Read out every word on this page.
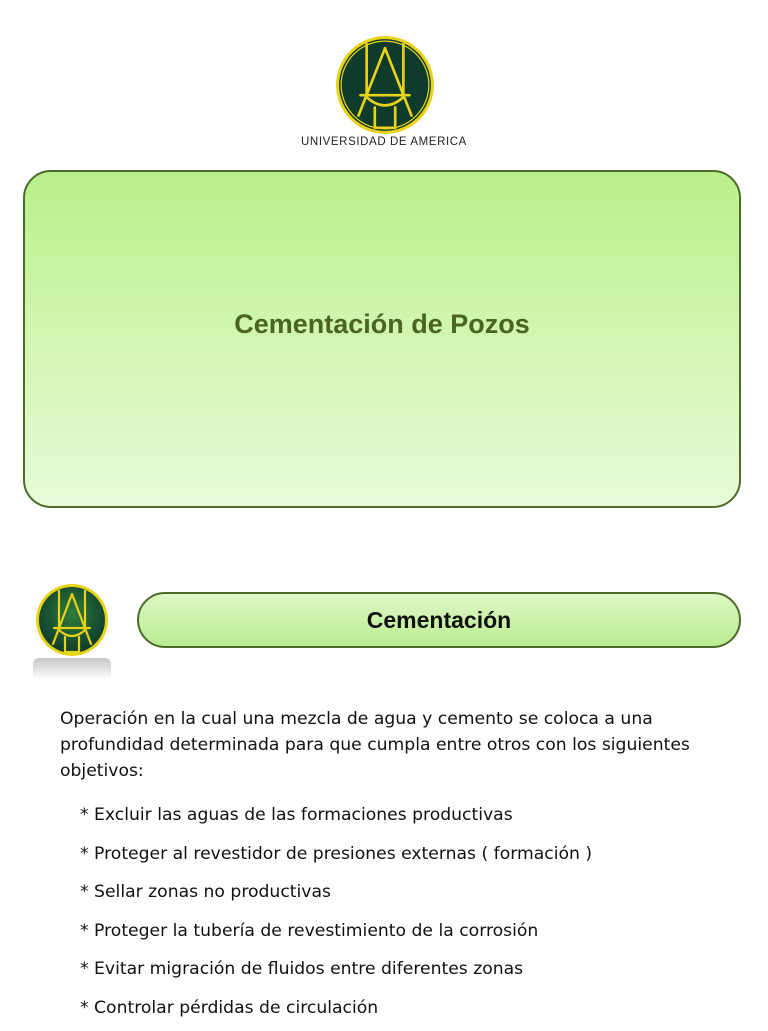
UNIVERSIDAD DE AMERICA
Cementación de Pozos
Cementación
Operación en la cual una mezcla de agua y cemento se coloca a una profundidad determinada para que cumpla entre otros con los siguientes objetivos:
* Excluir las aguas de las formaciones productivas
* Proteger al revestidor de presiones externas ( formación )
* Sellar zonas no productivas
* Proteger la tubería de revestimiento de la corrosión
* Evitar migración de fluidos entre diferentes zonas
* Controlar pérdidas de circulación
